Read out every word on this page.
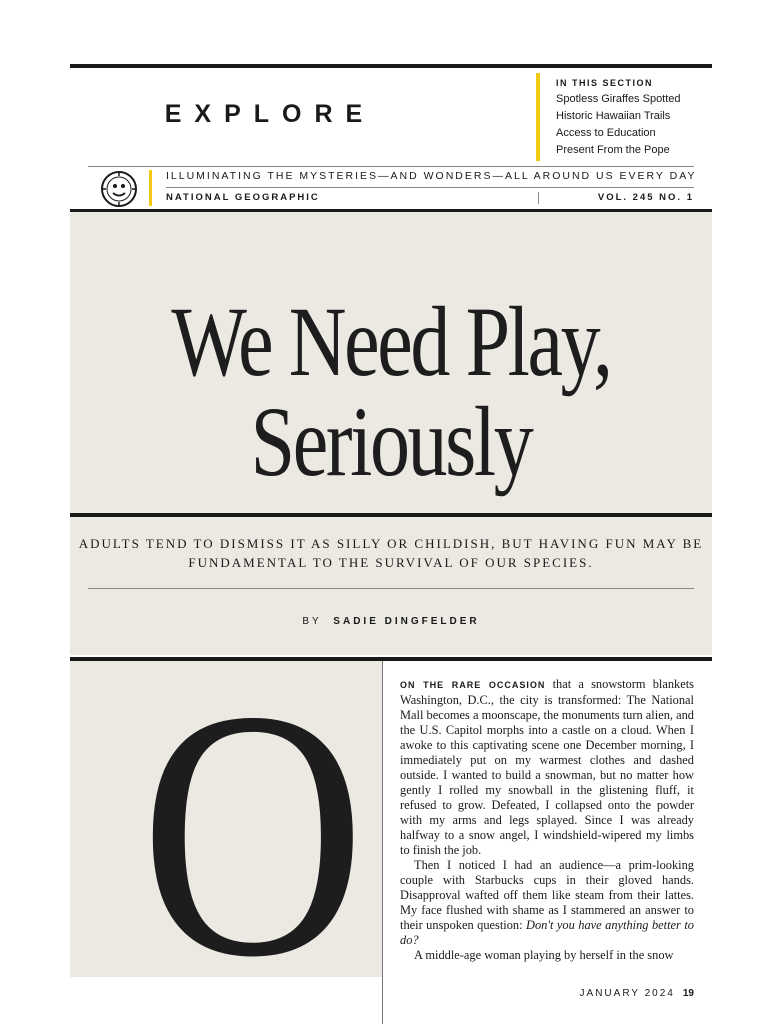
EXPLORE
IN THIS SECTION
Spotless Giraffes Spotted
Historic Hawaiian Trails
Access to Education
Present From the Pope
ILLUMINATING THE MYSTERIES—AND WONDERS—ALL AROUND US EVERY DAY
NATIONAL GEOGRAPHIC	VOL. 245 NO. 1
We Need Play,
Seriously
ADULTS TEND TO DISMISS IT AS SILLY OR CHILDISH, BUT HAVING FUN MAY BE FUNDAMENTAL TO THE SURVIVAL OF OUR SPECIES.
BY SADIE DINGFELDER
O	ON THE RARE OCCASION that a snowstorm blankets Washington, D.C., the city is transformed: The National Mall becomes a moonscape, the monuments turn alien, and the U.S. Capitol morphs into a castle on a cloud. When I awoke to this captivating scene one December morning, I immediately put on my warmest clothes and dashed outside. I wanted to build a snowman, but no matter how gently I rolled my snowball in the glistening fluff, it refused to grow. Defeated, I collapsed onto the powder with my arms and legs splayed. Since I was already halfway to a snow angel, I windshield-wipered my limbs to finish the job.

Then I noticed I had an audience—a prim-looking couple with Starbucks cups in their gloved hands. Disapproval wafted off them like steam from their lattes. My face flushed with shame as I stammered an answer to their unspoken question: Don't you have anything better to do?

A middle-age woman playing by herself in the snow

JANUARY 2024 19
